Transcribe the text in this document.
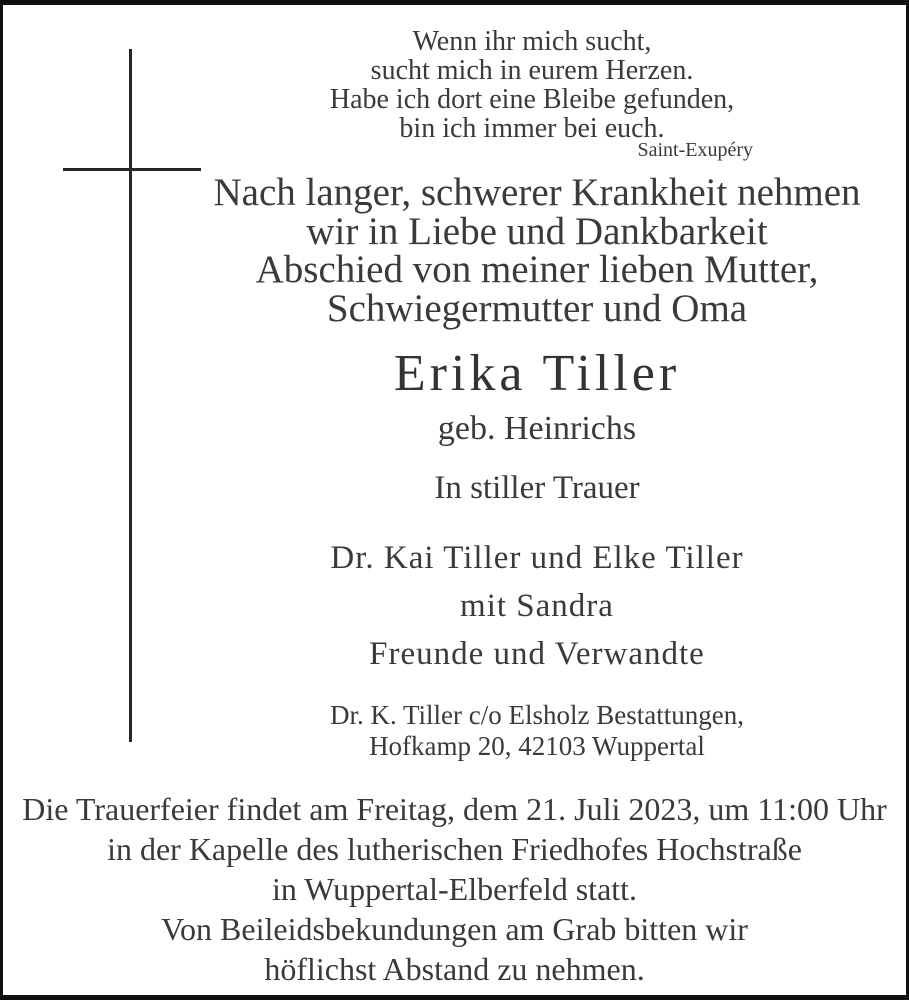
Wenn ihr mich sucht,
sucht mich in eurem Herzen.
Habe ich dort eine Bleibe gefunden,
bin ich immer bei euch.
Saint-Exupéry
Nach langer, schwerer Krankheit nehmen
wir in Liebe und Dankbarkeit
Abschied von meiner lieben Mutter,
Schwiegermutter und Oma
Erika Tiller
geb. Heinrichs
In stiller Trauer
Dr. Kai Tiller und Elke Tiller
mit Sandra
Freunde und Verwandte
Dr. K. Tiller c/o Elsholz Bestattungen,
Hofkamp 20, 42103 Wuppertal
Die Trauerfeier findet am Freitag, dem 21. Juli 2023, um 11:00 Uhr
in der Kapelle des lutherischen Friedhofes Hochstraße
in Wuppertal-Elberfeld statt.
Von Beileidsbekundungen am Grab bitten wir
höflichst Abstand zu nehmen.
